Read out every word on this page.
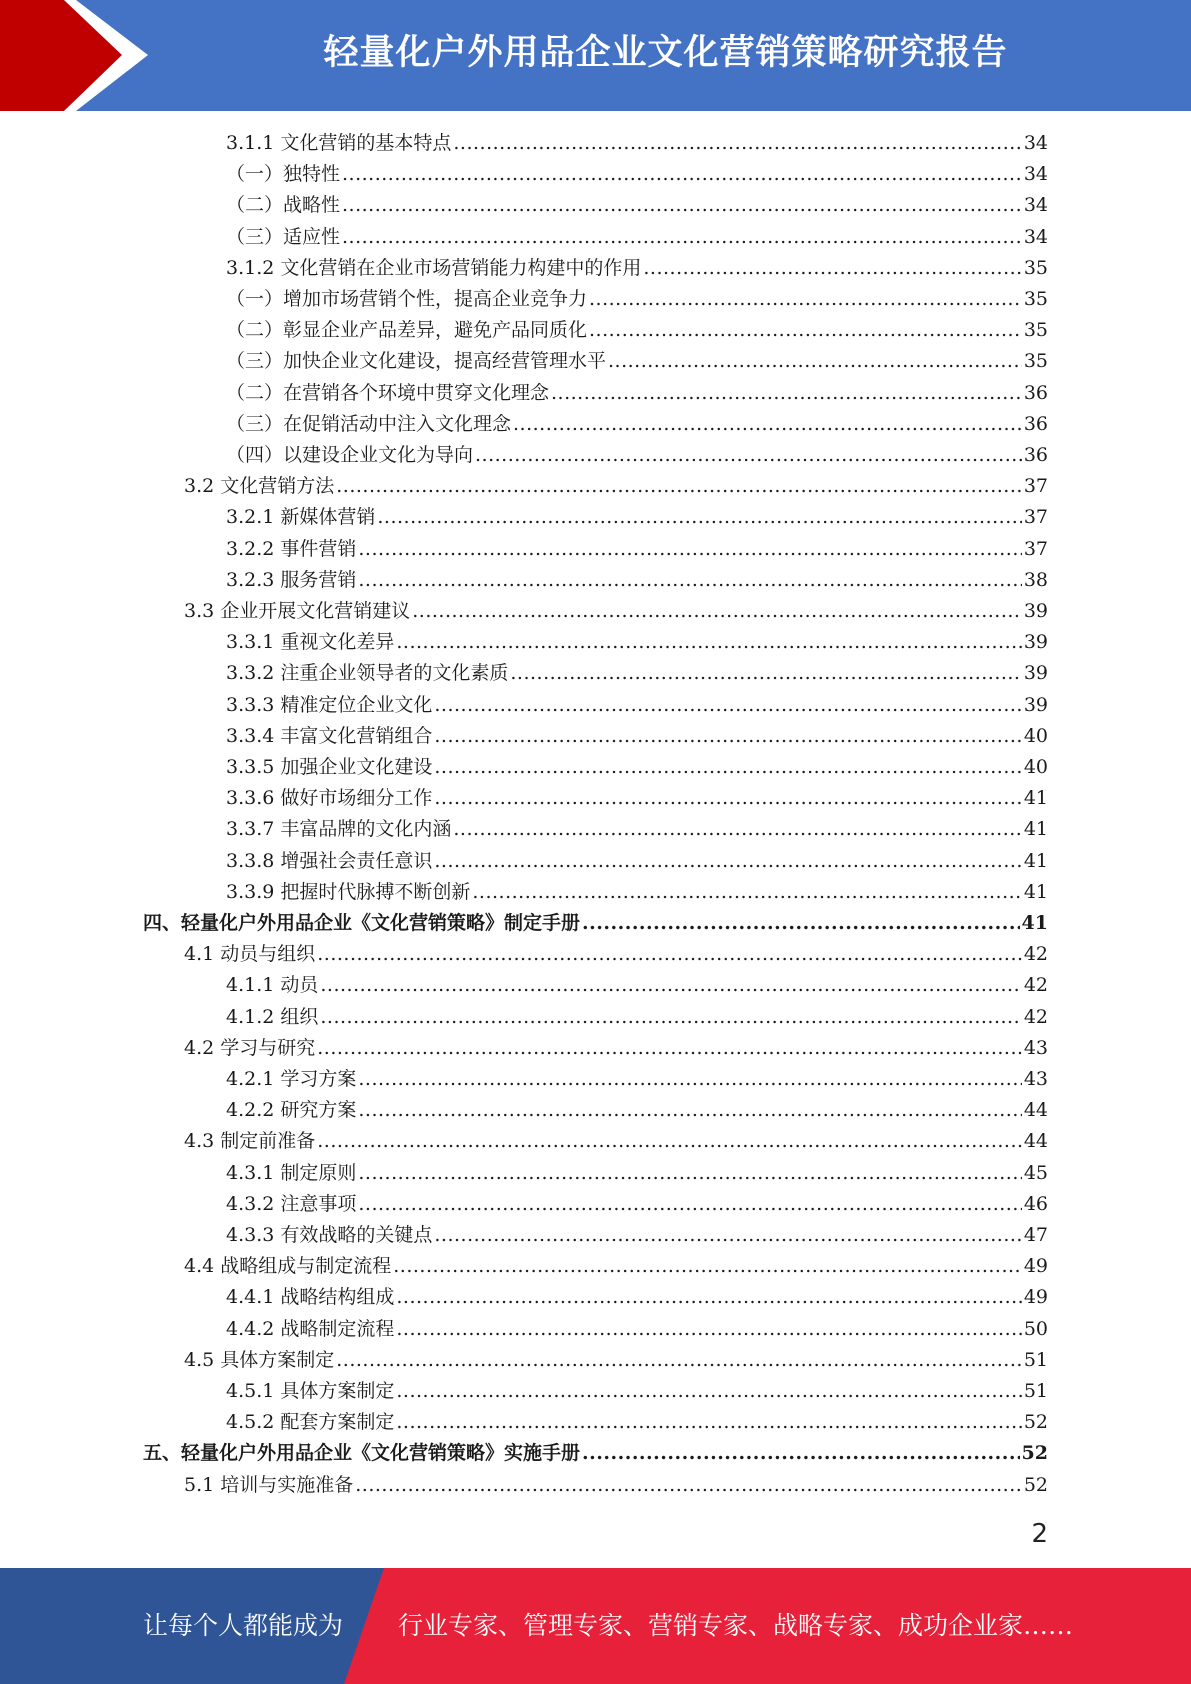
轻量化户外用品企业文化营销策略研究报告
3.1.1 文化营销的基本特点 .....	34
（一）独特性 .....	34
（二）战略性 .....	34
（三）适应性 .....	34
3.1.2 文化营销在企业市场营销能力构建中的作用 .....	35
（一）增加市场营销个性，提高企业竞争力 .....	35
（二）彰显企业产品差异，避免产品同质化 .....	35
（三）加快企业文化建设，提高经营管理水平 .....	35
（二）在营销各个环境中贯穿文化理念 .....	36
（三）在促销活动中注入文化理念 .....	36
（四）以建设企业文化为导向 .....	36
3.2 文化营销方法 .....	37
3.2.1 新媒体营销 .....	37
3.2.2 事件营销 .....	37
3.2.3 服务营销 .....	38
3.3 企业开展文化营销建议 .....	39
3.3.1 重视文化差异 .....	39
3.3.2 注重企业领导者的文化素质 .....	39
3.3.3 精准定位企业文化 .....	39
3.3.4 丰富文化营销组合 .....	40
3.3.5 加强企业文化建设 .....	40
3.3.6 做好市场细分工作 .....	41
3.3.7 丰富品牌的文化内涵 .....	41
3.3.8 增强社会责任意识 .....	41
3.3.9 把握时代脉搏不断创新 .....	41
四、轻量化户外用品企业《文化营销策略》制定手册 .....	41
4.1 动员与组织 .....	42
4.1.1 动员 .....	42
4.1.2 组织 .....	42
4.2 学习与研究 .....	43
4.2.1 学习方案 .....	43
4.2.2 研究方案 .....	44
4.3 制定前准备 .....	44
4.3.1 制定原则 .....	45
4.3.2 注意事项 .....	46
4.3.3 有效战略的关键点 .....	47
4.4 战略组成与制定流程 .....	49
4.4.1 战略结构组成 .....	49
4.4.2 战略制定流程 .....	50
4.5 具体方案制定 .....	51
4.5.1 具体方案制定 .....	51
4.5.2 配套方案制定 .....	52
五、轻量化户外用品企业《文化营销策略》实施手册 .....	52
5.1 培训与实施准备 .....	52
2
让每个人都能成为 行业专家、管理专家、营销专家、战略专家、成功企业家……
